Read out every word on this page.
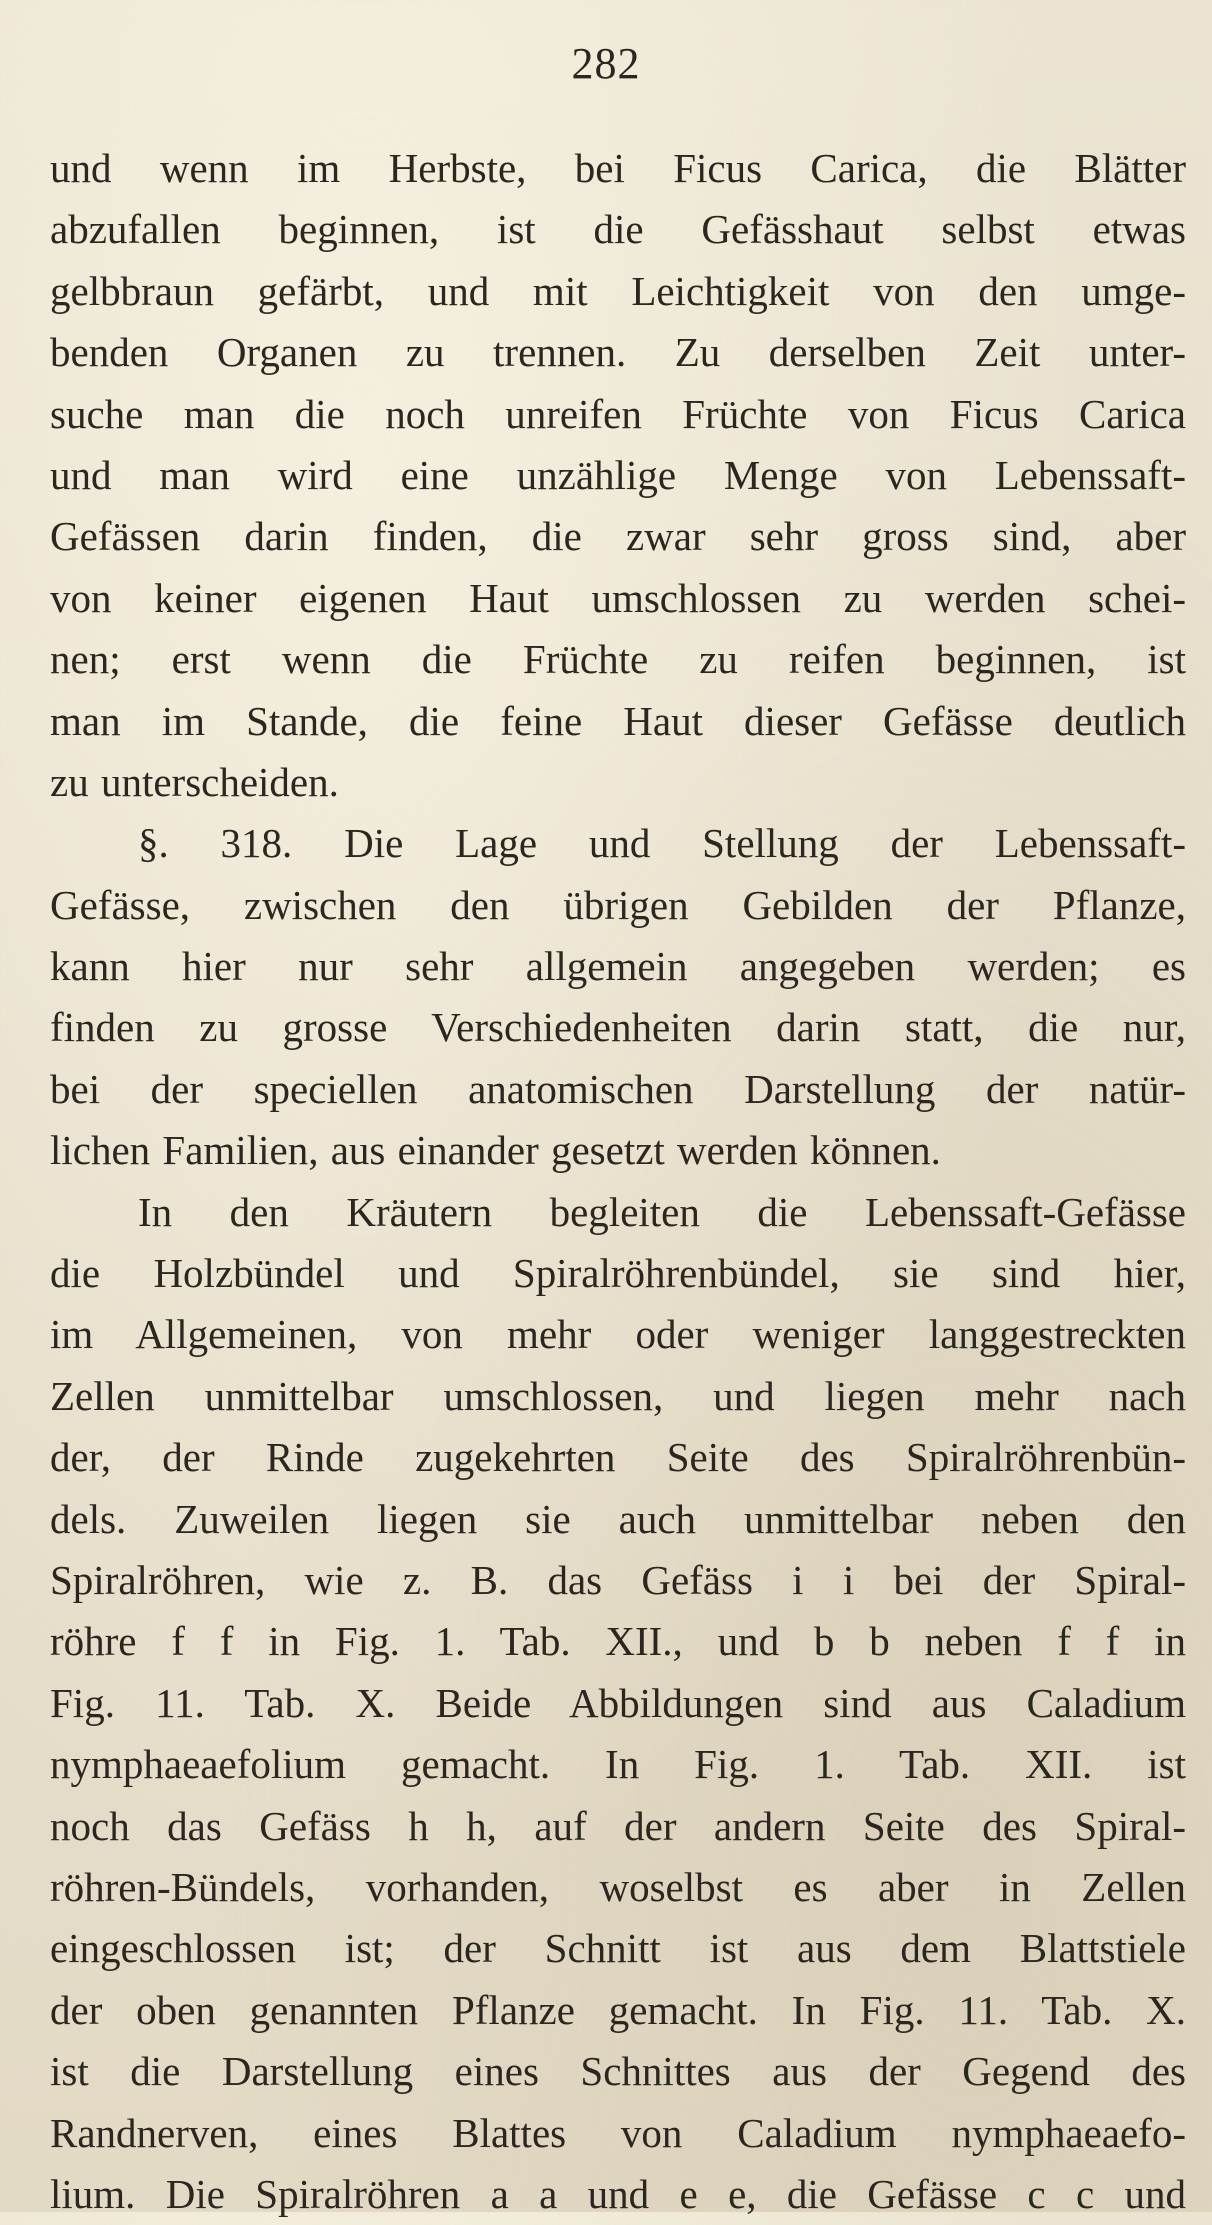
282
und wenn im Herbste, bei Ficus Carica, die Blätter
abzufallen beginnen, ist die Gefässhaut selbst etwas
gelbbraun gefärbt, und mit Leichtigkeit von den umge-
benden Organen zu trennen. Zu derselben Zeit unter-
suche man die noch unreifen Früchte von Ficus Carica
und man wird eine unzählige Menge von Lebenssaft-
Gefässen darin finden, die zwar sehr gross sind, aber
von keiner eigenen Haut umschlossen zu werden schei-
nen; erst wenn die Früchte zu reifen beginnen, ist
man im Stande, die feine Haut dieser Gefässe deutlich
zu unterscheiden.
§. 318. Die Lage und Stellung der Lebenssaft-
Gefässe, zwischen den übrigen Gebilden der Pflanze,
kann hier nur sehr allgemein angegeben werden; es
finden zu grosse Verschiedenheiten darin statt, die nur,
bei der speciellen anatomischen Darstellung der natür-
lichen Familien, aus einander gesetzt werden können.
In den Kräutern begleiten die Lebenssaft-Gefässe
die Holzbündel und Spiralröhrenbündel, sie sind hier,
im Allgemeinen, von mehr oder weniger langgestreckten
Zellen unmittelbar umschlossen, und liegen mehr nach
der, der Rinde zugekehrten Seite des Spiralröhrenbün-
dels. Zuweilen liegen sie auch unmittelbar neben den
Spiralröhren, wie z. B. das Gefäss i i bei der Spiral-
röhre f f in Fig. 1. Tab. XII., und b b neben f f in
Fig. 11. Tab. X. Beide Abbildungen sind aus Caladium
nymphaeaefolium gemacht. In Fig. 1. Tab. XII. ist
noch das Gefäss h h, auf der andern Seite des Spiral-
röhren-Bündels, vorhanden, woselbst es aber in Zellen
eingeschlossen ist; der Schnitt ist aus dem Blattstiele
der oben genannten Pflanze gemacht. In Fig. 11. Tab. X.
ist die Darstellung eines Schnittes aus der Gegend des
Randnerven, eines Blattes von Caladium nymphaeaefo-
lium. Die Spiralröhren a a und e e, die Gefässe c c und
